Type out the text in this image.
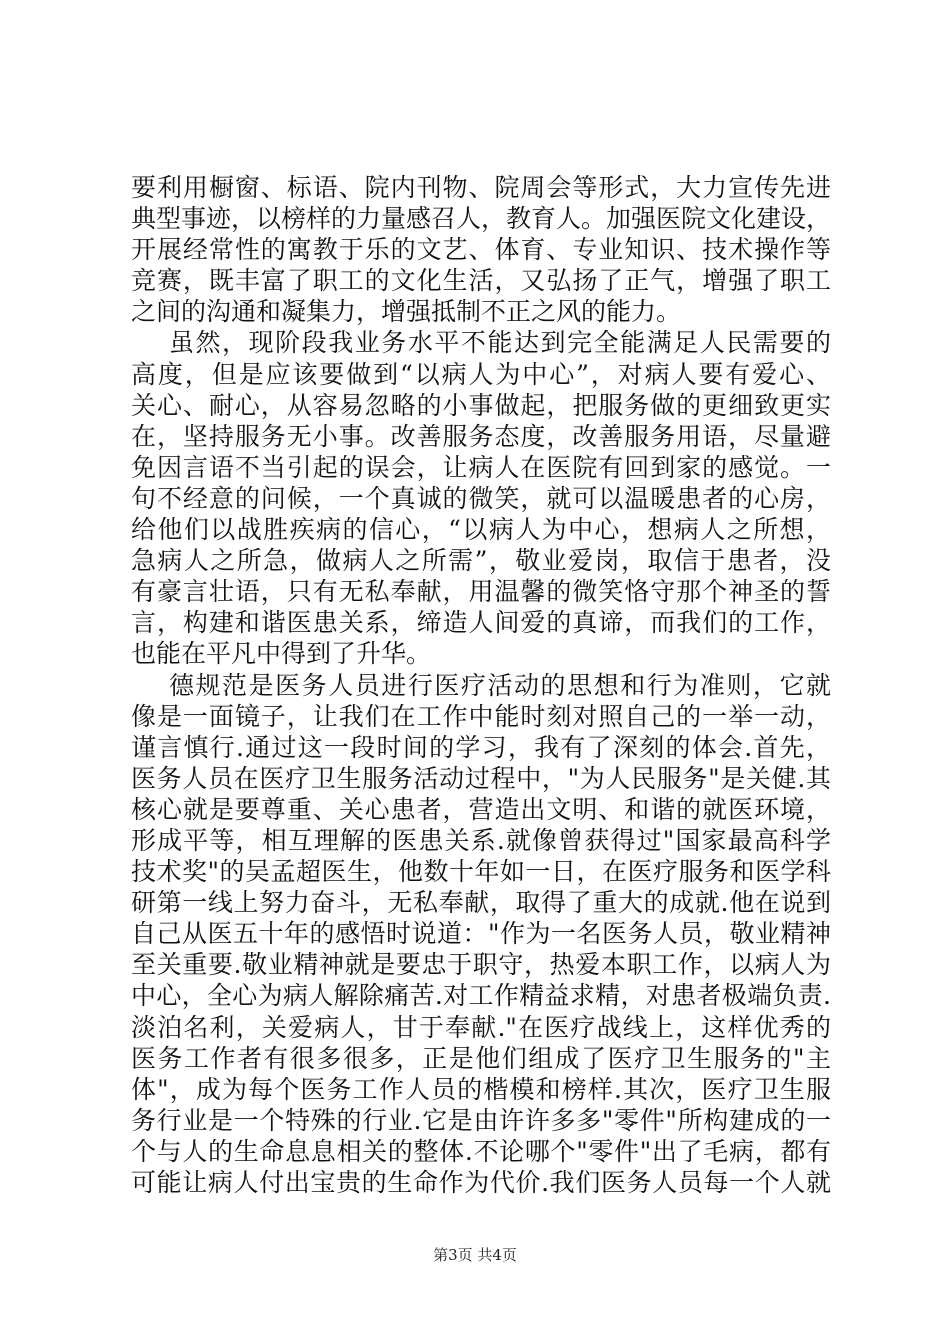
要利用橱窗、标语、院内刊物、院周会等形式，大力宣传先进
典型事迹，以榜样的力量感召人，教育人。加强医院文化建设，
开展经常性的寓教于乐的文艺、体育、专业知识、技术操作等
竞赛，既丰富了职工的文化生活，又弘扬了正气，增强了职工
之间的沟通和凝集力，增强抵制不正之风的能力。
虽然，现阶段我业务水平不能达到完全能满足人民需要的
高度，但是应该要做到“以病人为中心”，对病人要有爱心、
关心、耐心，从容易忽略的小事做起，把服务做的更细致更实
在，坚持服务无小事。改善服务态度，改善服务用语，尽量避
免因言语不当引起的误会，让病人在医院有回到家的感觉。一
句不经意的问候，一个真诚的微笑，就可以温暖患者的心房，
给他们以战胜疾病的信心，“以病人为中心，想病人之所想，
急病人之所急，做病人之所需”，敬业爱岗，取信于患者，没
有豪言壮语，只有无私奉献，用温馨的微笑恪守那个神圣的誓
言，构建和谐医患关系，缔造人间爱的真谛，而我们的工作，
也能在平凡中得到了升华。
德规范是医务人员进行医疗活动的思想和行为准则，它就
像是一面镜子，让我们在工作中能时刻对照自己的一举一动，
谨言慎行.通过这一段时间的学习，我有了深刻的体会.首先，
医务人员在医疗卫生服务活动过程中，"为人民服务"是关健.其
核心就是要尊重、关心患者，营造出文明、和谐的就医环境，
形成平等，相互理解的医患关系.就像曾获得过"国家最高科学
技术奖"的吴孟超医生，他数十年如一日，在医疗服务和医学科
研第一线上努力奋斗，无私奉献，取得了重大的成就.他在说到
自己从医五十年的感悟时说道："作为一名医务人员，敬业精神
至关重要.敬业精神就是要忠于职守，热爱本职工作，以病人为
中心，全心为病人解除痛苦.对工作精益求精，对患者极端负责.
淡泊名利，关爱病人，甘于奉献."在医疗战线上，这样优秀的
医务工作者有很多很多，正是他们组成了医疗卫生服务的"主
体"，成为每个医务工作人员的楷模和榜样.其次，医疗卫生服
务行业是一个特殊的行业.它是由许许多多"零件"所构建成的一
个与人的生命息息相关的整体.不论哪个"零件"出了毛病，都有
可能让病人付出宝贵的生命作为代价.我们医务人员每一个人就
第3页 共4页
